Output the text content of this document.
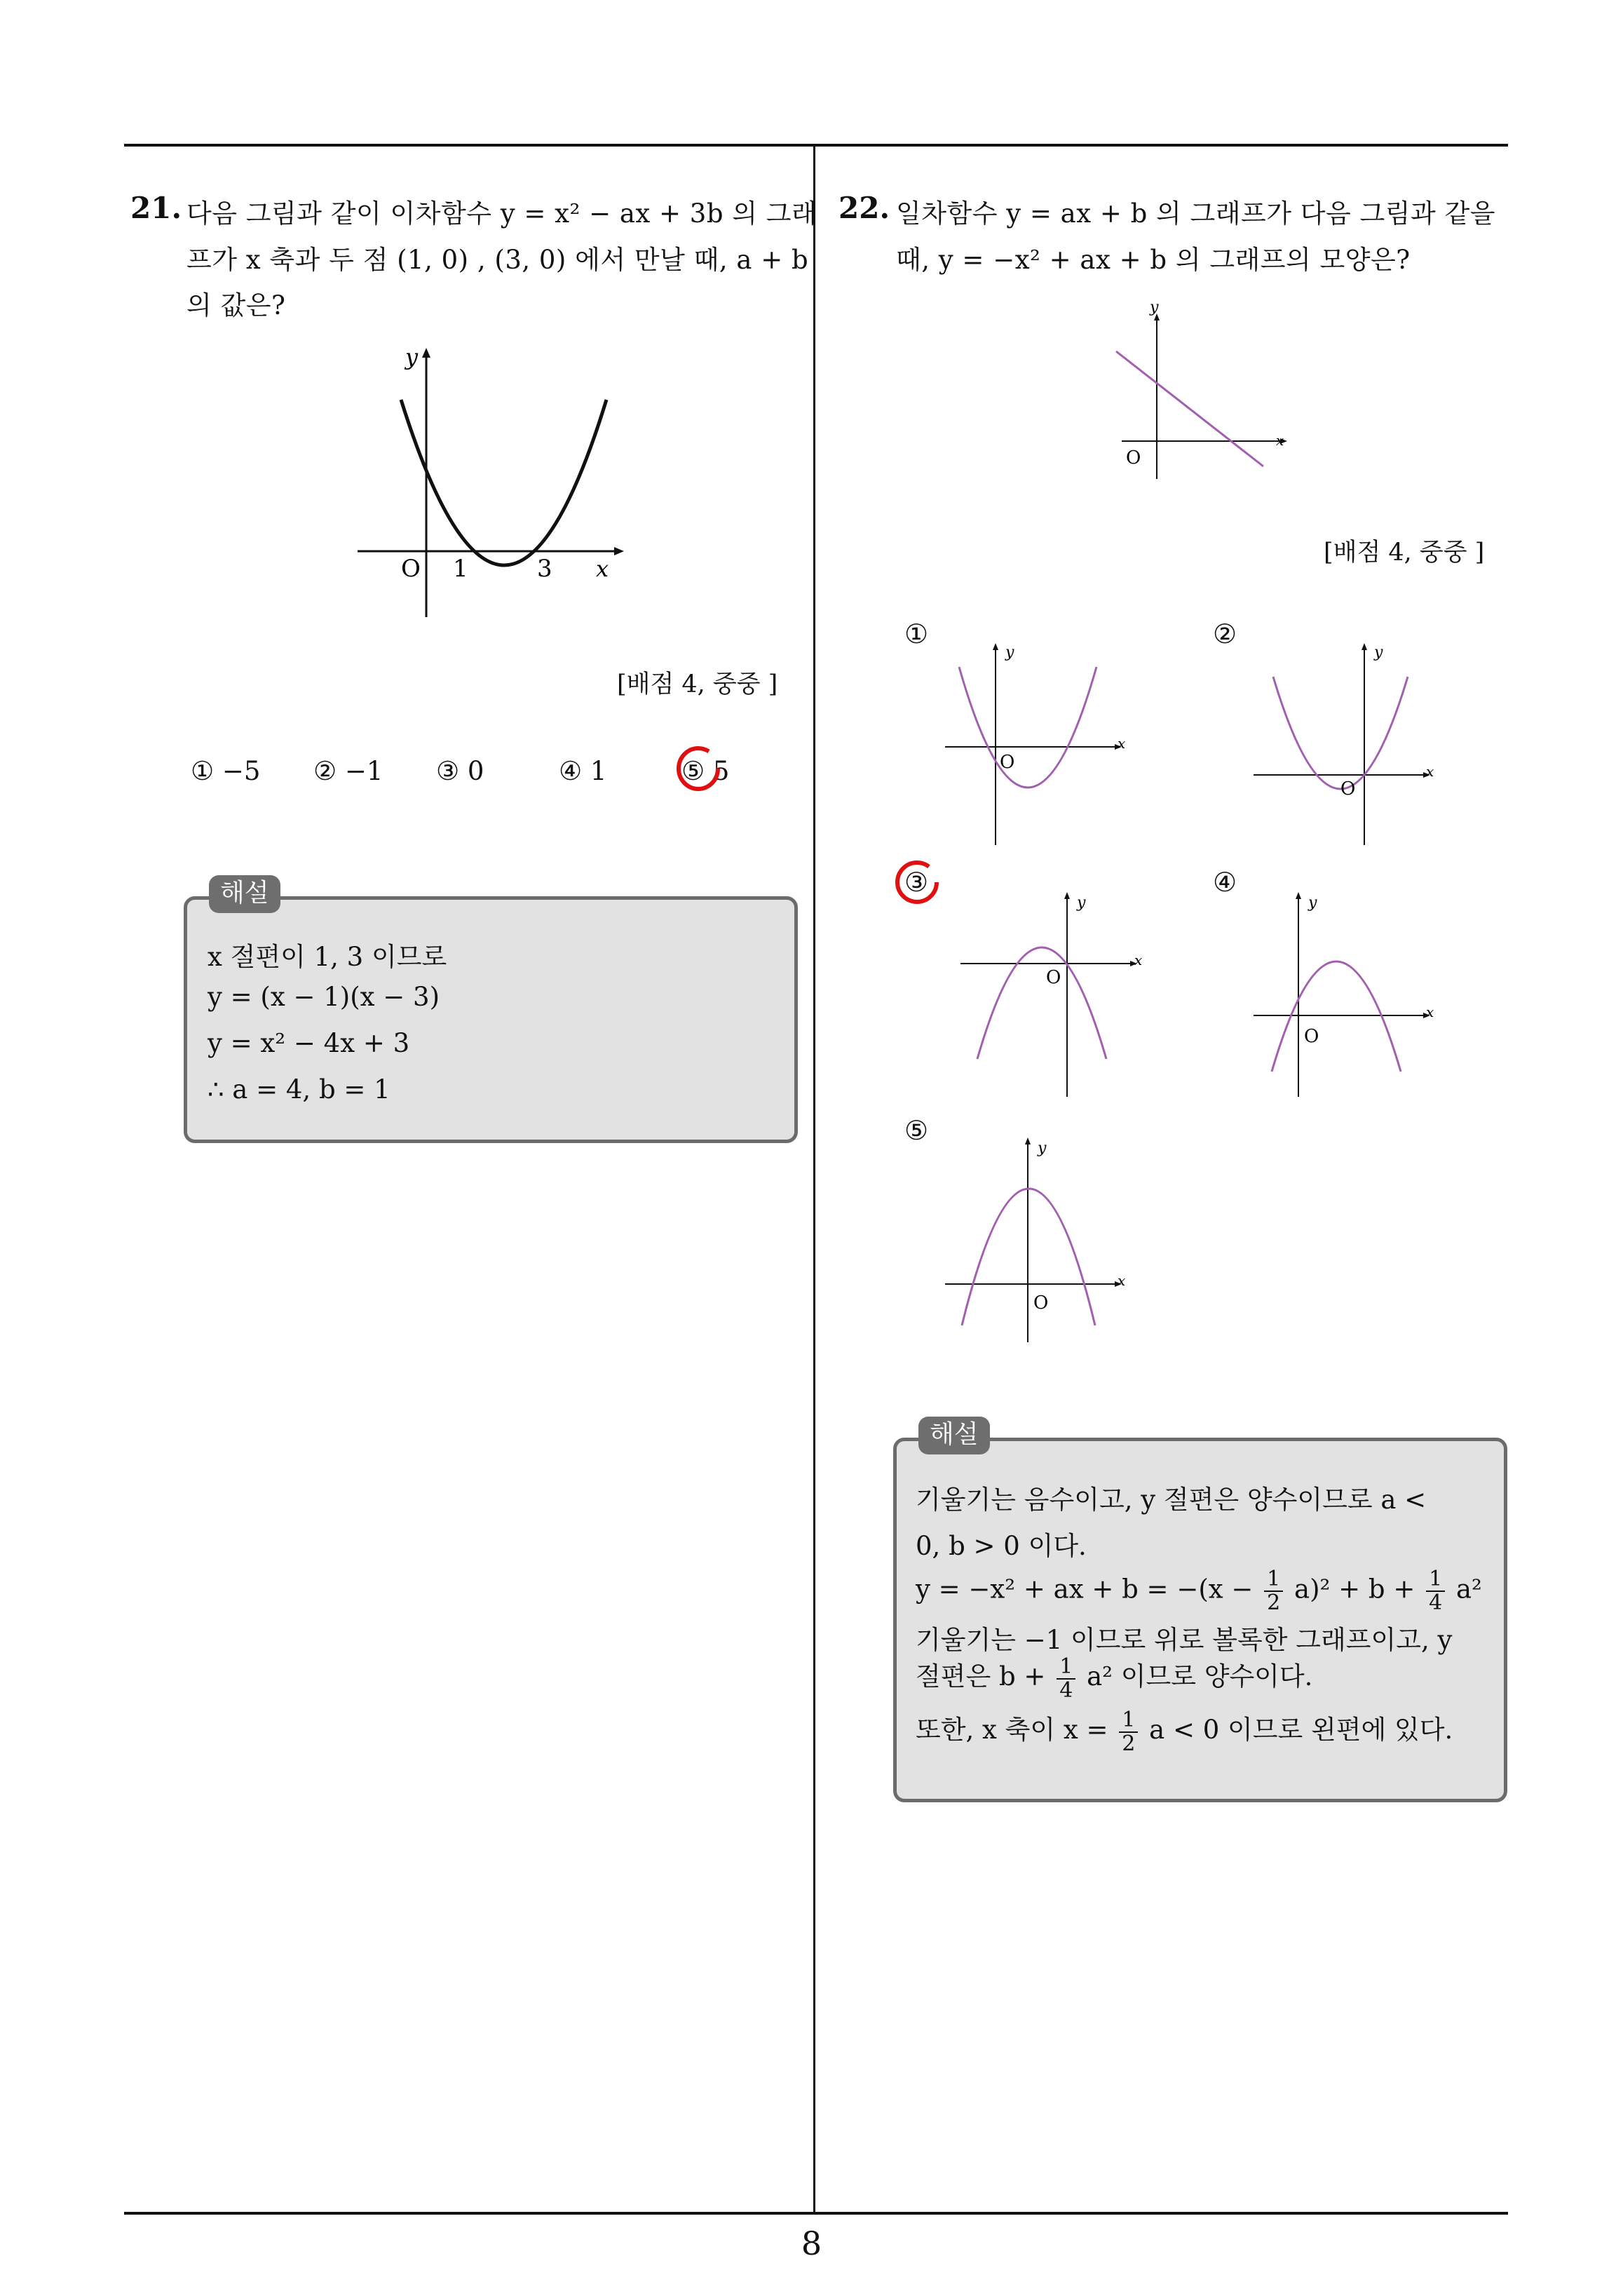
21. 다음 그림과 같이 이차함수 y = x² − ax + 3b 의 그래
프가 x 축과 두 점 (1, 0) , (3, 0) 에서 만날 때, a + b
의 값은?
y
O 1	3 x
[배점 4, 중중 ]
① −5 ② −1 ③ 0	④ 1	⑤ 5
해설
x 절편이 1, 3 이므로
y = (x − 1)(x − 3)
y = x² − 4x + 3
∴ a = 4, b = 1
22. 일차함수 y = ax + b 의 그래프가 다음 그림과 같을
때, y = −x² + ax + b 의 그래프의 모양은?
y
x
O
[배점 4, 중중 ]
①	②
③	④
⑤
y
x
O
y
x
O
y
x
O
y
x
O
y
x
O
해설
기울기는 음수이고, y 절편은 양수이므로 a <
0, b > 0 이다.
y = −x² + ax + $b = -(x - \frac{1}{2} a)^2 + b + \frac{1}{4} a^2$
기울기는 −1 이므로 위로 볼록한 그래프이고, y
절편은 $b + \frac{1}{4} a^2$ 이므로 양수이다.
또한, x 축이 $x = \frac{1}{2}$ a < 0 이므로 왼편에 있다.
8
